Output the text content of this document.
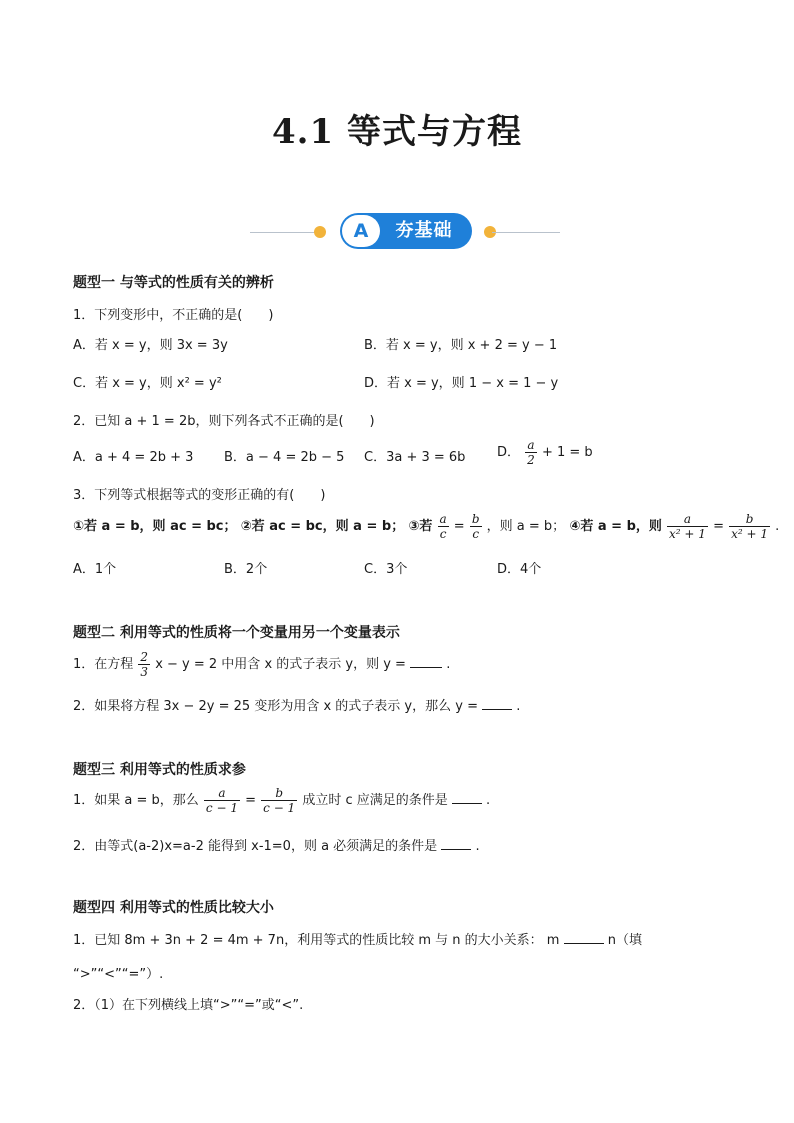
4.1 等式与方程
A	夯基础
题型一 与等式的性质有关的辨析
1．下列变形中，不正确的是(　　)
A．若 x = y，则 3x = 3y	B．若 x = y，则 x + 2 = y − 1
C．若 x = y，则 x² = y²	D．若 x = y，则 1 − x = 1 − y
2．已知 a + 1 = 2b，则下列各式不正确的是(　　)
A．a + 4 = 2b + 3 B．a − 4 = 2b − 5 C．3a + 3 = 6b D． $\frac{a}{2} + 1 = b$
3．下列等式根据等式的变形正确的有(　　)
①若 a = b，则 ac = bc； ②若 ac = bc，则 a = b； ③若 $\frac{a}{c} = \frac{b}{c}$ ，则 a = b； ④若 a = b，则 $\frac{a}{\text{x² + 1}} = \frac{b}{\text{x² + 1}}$ .
A．1个	B．2个	C．3个	D．4个
题型二 利用等式的性质将一个变量用另一个变量表示
1．在方程 $\frac{2}{3}$ x − y = 2 中用含 x 的式子表示 y，则 y =	.
2．如果将方程 3x − 2y = 25 变形为用含 x 的式子表示 y，那么 y =	.
题型三 利用等式的性质求参
1．如果 a = b，那么 $\frac{a}{c - 1} = \frac{b}{c - 1}$ 成立时 c 应满足的条件是	.
2．由等式(a-2)x=a-2 能得到 x-1=0，则 a 必须满足的条件是	.
题型四 利用等式的性质比较大小
1．已知 8m + 3n + 2 = 4m + 7n，利用等式的性质比较 m 与 n 的大小关系： m	n（填
“>”“<”“=”）.
2．（1）在下列横线上填“>”“=”或“<”.
